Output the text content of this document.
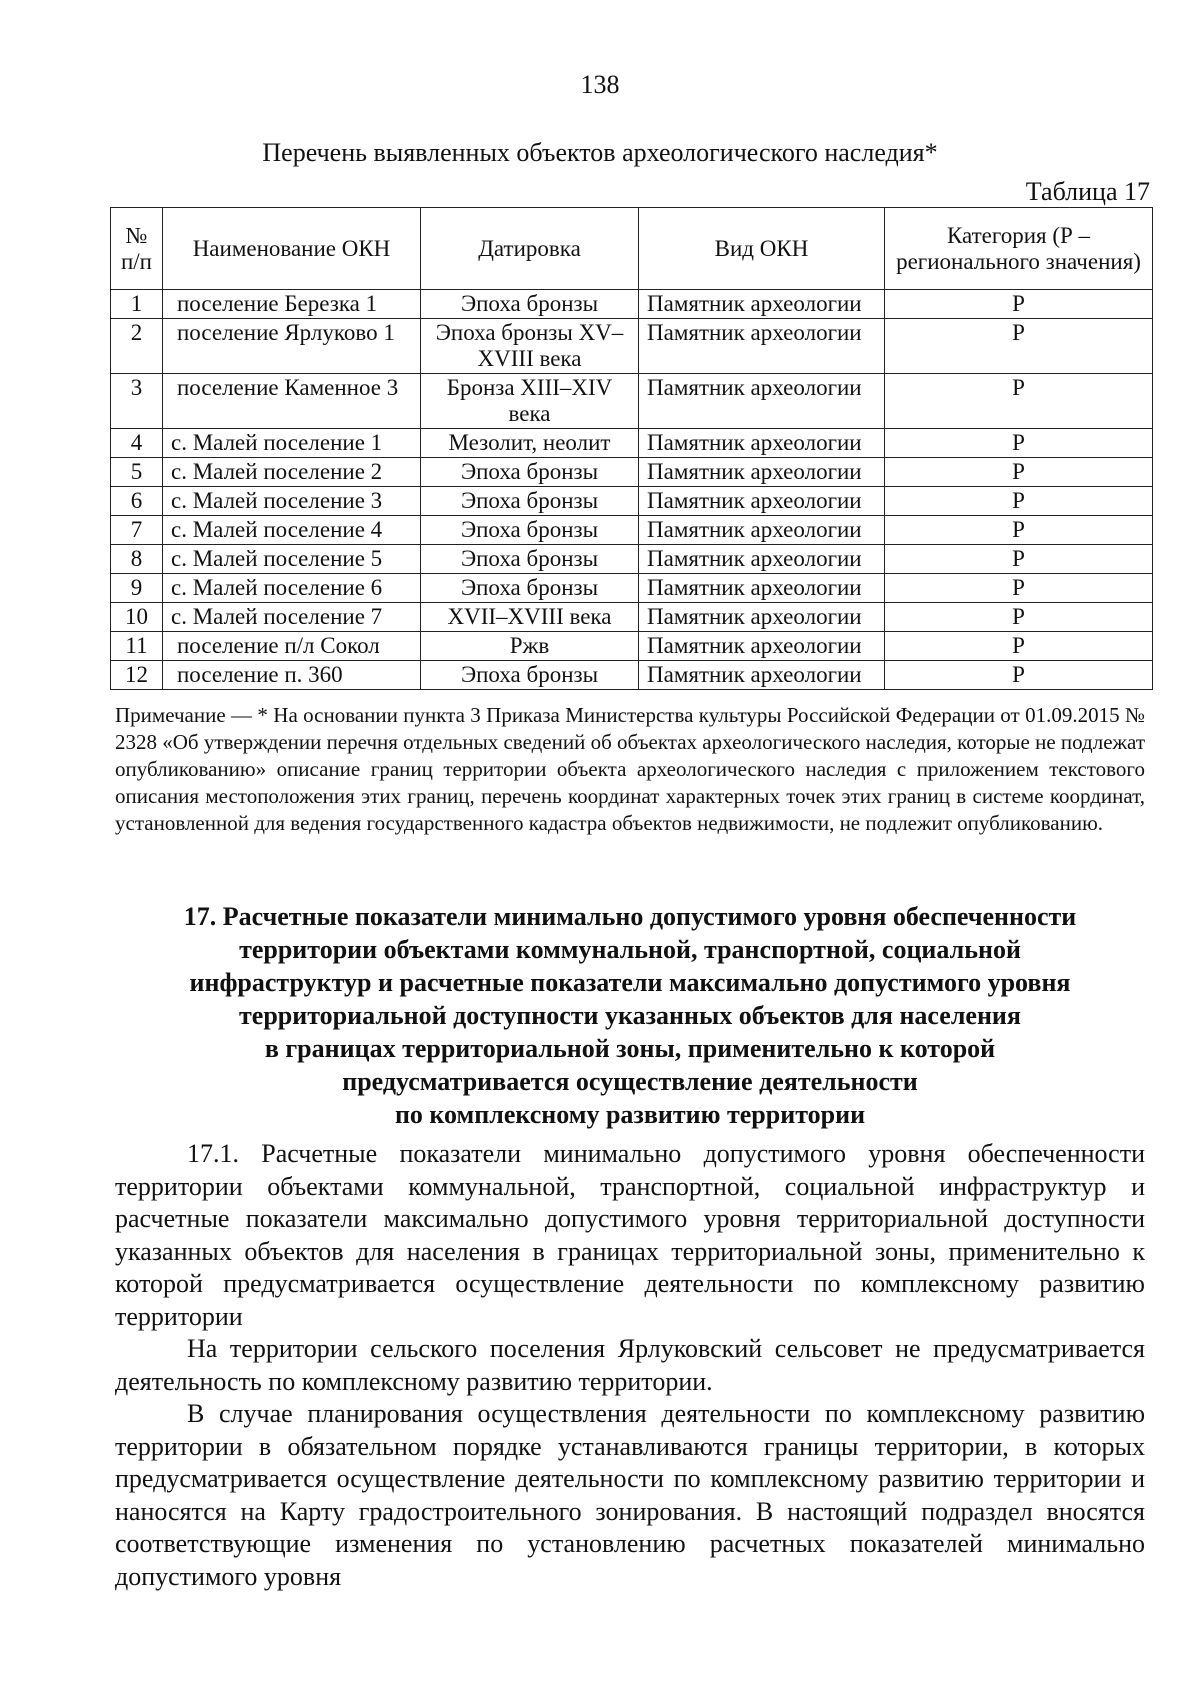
138
Перечень выявленных объектов археологического наследия*
Таблица 17
№ п/п	Наименование ОКН	Датировка	Вид ОКН	Категория (Р – регионального значения)
1	поселение Березка 1	Эпоха бронзы	Памятник археологии	Р
2	поселение Ярлуково 1	Эпоха бронзы XV–XVIII века	Памятник археологии	Р
3	поселение Каменное 3	Бронза XIII–XIV века	Памятник археологии	Р
4	с. Малей поселение 1	Мезолит, неолит	Памятник археологии	Р
5	с. Малей поселение 2	Эпоха бронзы	Памятник археологии	Р
6	с. Малей поселение 3	Эпоха бронзы	Памятник археологии	Р
7	с. Малей поселение 4	Эпоха бронзы	Памятник археологии	Р
8	с. Малей поселение 5	Эпоха бронзы	Памятник археологии	Р
9	с. Малей поселение 6	Эпоха бронзы	Памятник археологии	Р
10	с. Малей поселение 7	XVII–XVIII века	Памятник археологии	Р
11	поселение п/л Сокол	Ржв	Памятник археологии	Р
12	поселение п. 360	Эпоха бронзы	Памятник археологии	Р
Примечание — * На основании пункта 3 Приказа Министерства культуры Российской Федерации от 01.09.2015 № 2328 «Об утверждении перечня отдельных сведений об объектах археологического наследия, которые не подлежат опубликованию» описание границ территории объекта археологического наследия с приложением текстового описания местоположения этих границ, перечень координат характерных точек этих границ в системе координат, установленной для ведения государственного кадастра объектов недвижимости, не подлежит опубликованию.
17. Расчетные показатели минимально допустимого уровня обеспеченности
территории объектами коммунальной, транспортной, социальной
инфраструктур и расчетные показатели максимально допустимого уровня
территориальной доступности указанных объектов для населения
в границах территориальной зоны, применительно к которой
предусматривается осуществление деятельности
по комплексному развитию территории

17.1. Расчетные показатели минимально допустимого уровня обеспеченности территории объектами коммунальной, транспортной, социальной инфраструктур и расчетные показатели максимально допустимого уровня территориальной доступности указанных объектов для населения в границах территориальной зоны, применительно к которой предусматривается осуществление деятельности по комплексному развитию территории

На территории сельского поселения Ярлуковский сельсовет не предусматривается деятельность по комплексному развитию территории.

В случае планирования осуществления деятельности по комплексному развитию территории в обязательном порядке устанавливаются границы территории, в которых предусматривается осуществление деятельности по комплексному развитию территории и наносятся на Карту градостроительного зонирования. В настоящий подраздел вносятся соответствующие изменения по установлению расчетных показателей минимально допустимого уровня
